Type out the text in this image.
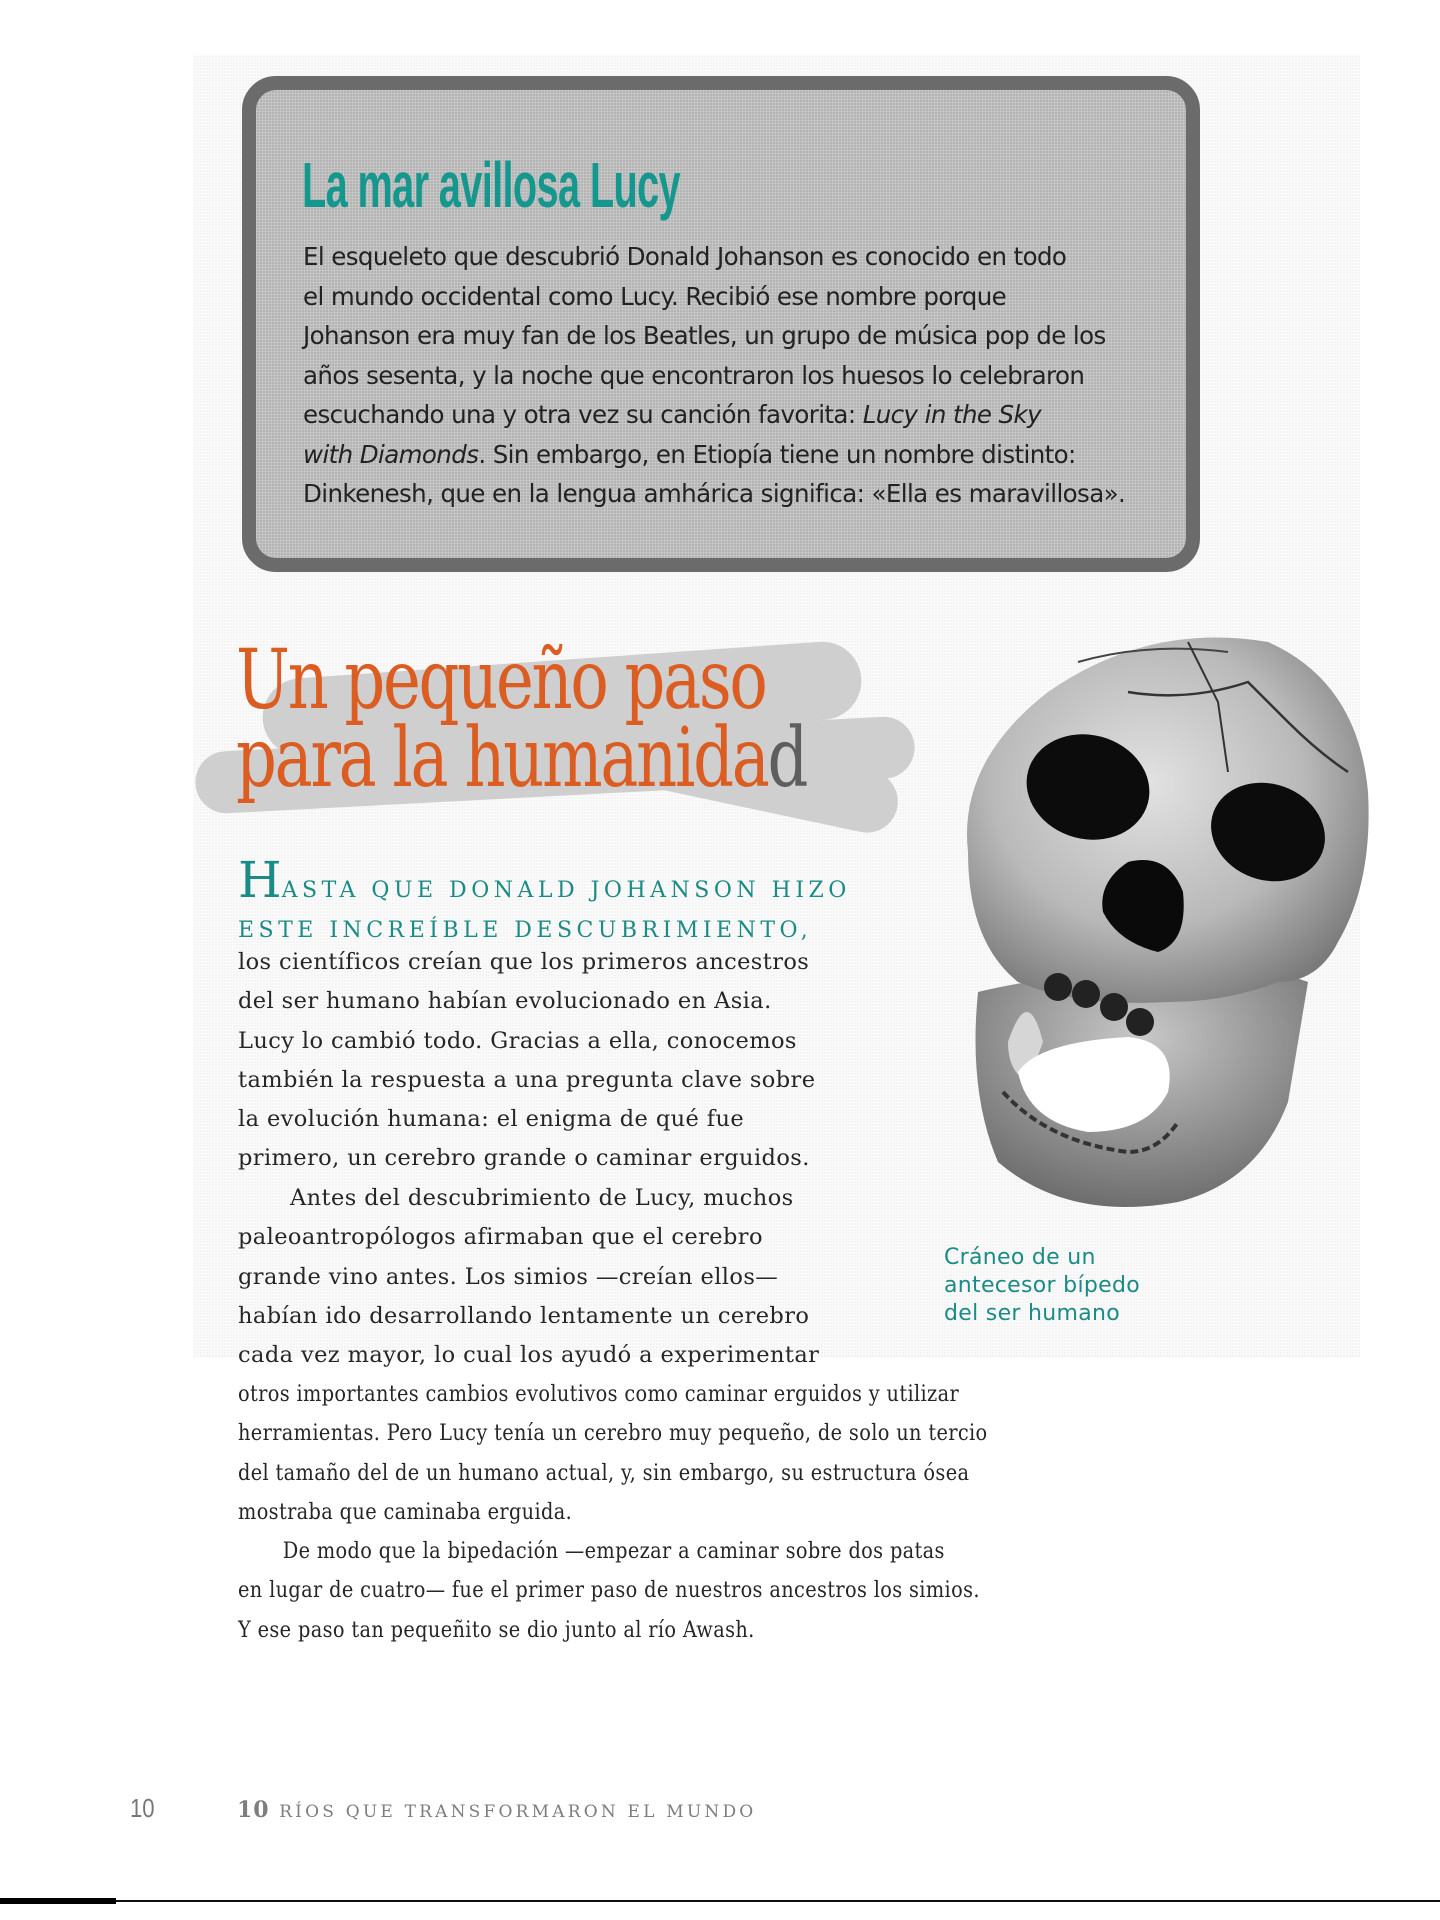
La mar avillosa Lucy
El esqueleto que descubrió Donald Johanson es conocido en todo
el mundo occidental como Lucy. Recibió ese nombre porque
Johanson era muy fan de los Beatles, un grupo de música pop de los
años sesenta, y la noche que encontraron los huesos lo celebraron
escuchando una y otra vez su canción favorita: Lucy in the Sky
with Diamonds. Sin embargo, en Etiopía tiene un nombre distinto:
Dinkenesh, que en la lengua amhárica significa: «Ella es maravillosa».
Un pequeño paso
para la humanidad
HASTA QUE DONALD JOHANSON HIZO
ESTE INCREÍBLE DESCUBRIMIENTO,
los científicos creían que los primeros ancestros
del ser humano habían evolucionado en Asia.
Lucy lo cambió todo. Gracias a ella, conocemos
también la respuesta a una pregunta clave sobre
la evolución humana: el enigma de qué fue
primero, un cerebro grande o caminar erguidos.
Antes del descubrimiento de Lucy, muchos
paleoantropólogos afirmaban que el cerebro
grande vino antes. Los simios —creían ellos—
habían ido desarrollando lentamente un cerebro
cada vez mayor, lo cual los ayudó a experimentar
otros importantes cambios evolutivos como caminar erguidos y utilizar
herramientas. Pero Lucy tenía un cerebro muy pequeño, de solo un tercio
del tamaño del de un humano actual, y, sin embargo, su estructura ósea
mostraba que caminaba erguida.
De modo que la bipedación —empezar a caminar sobre dos patas
en lugar de cuatro— fue el primer paso de nuestros ancestros los simios.
Y ese paso tan pequeñito se dio junto al río Awash.
Cráneo de un
antecesor bípedo
del ser humano
10	10 RÍOS QUE TRANSFORMARON EL MUNDO
